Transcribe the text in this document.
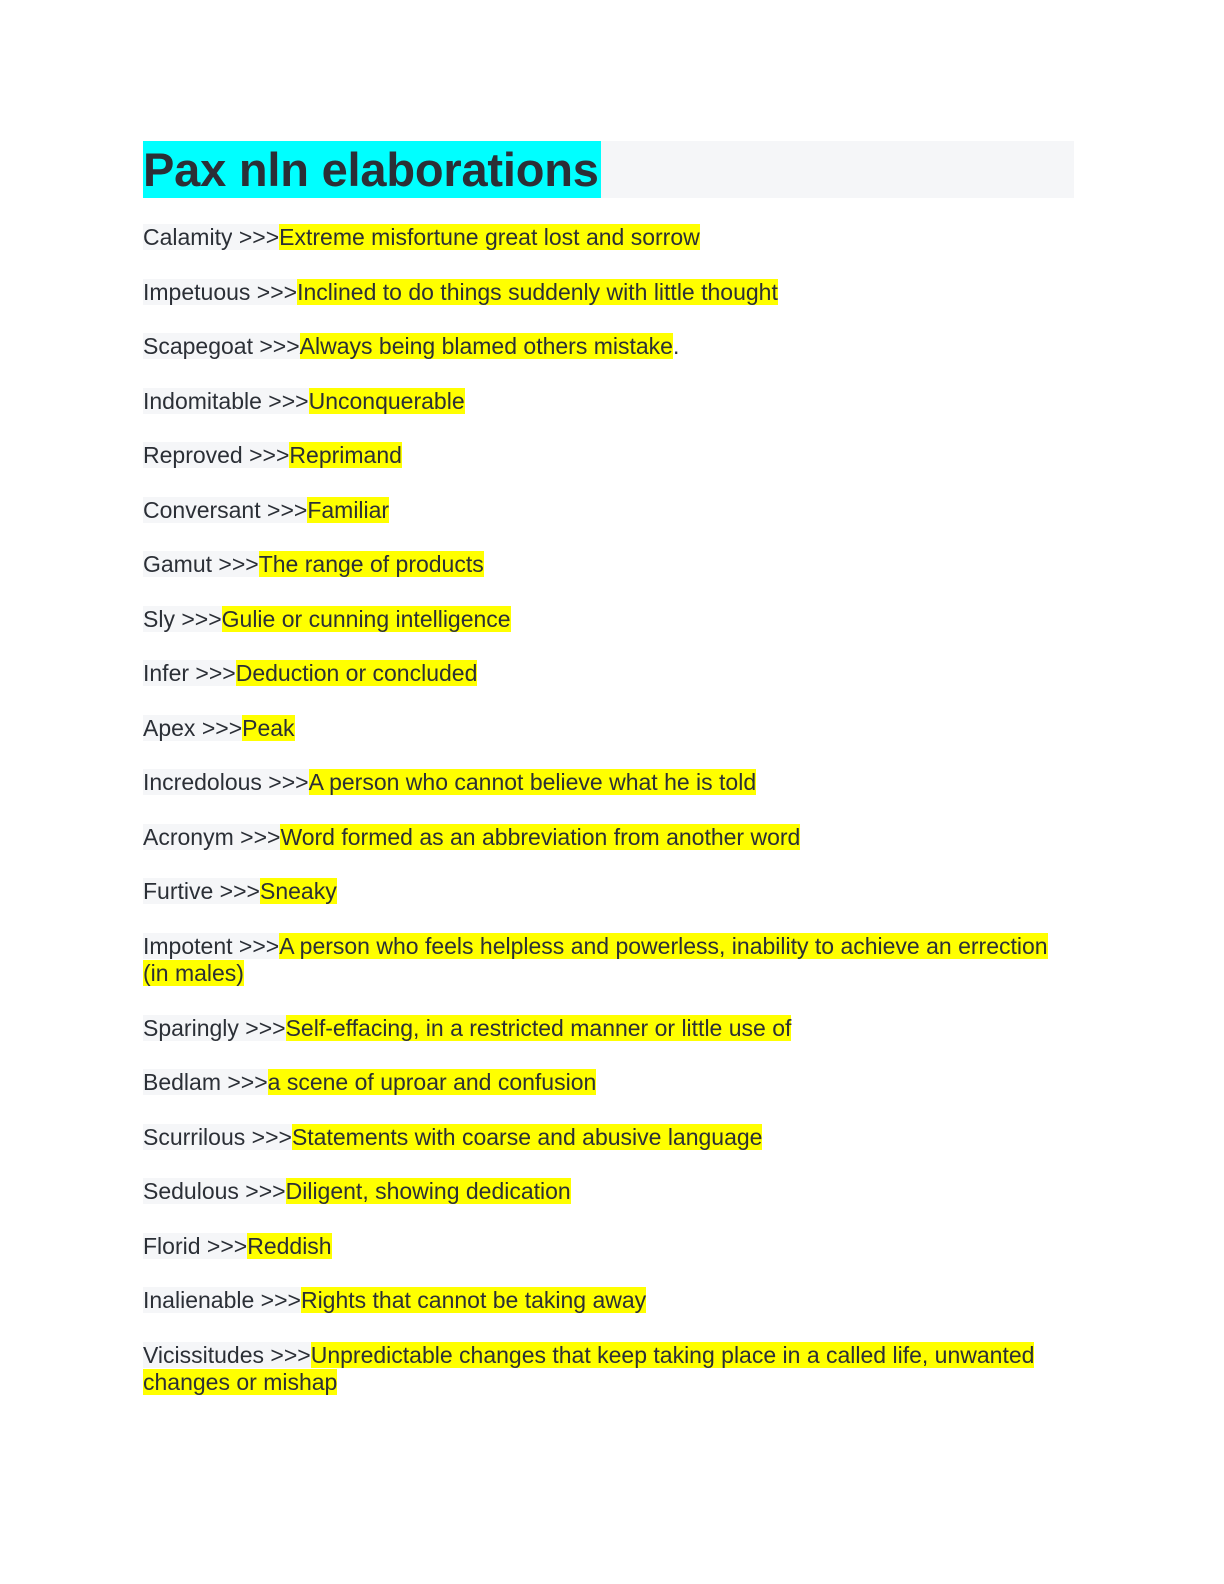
Pax nln elaborations

Calamity >>>Extreme misfortune great lost and sorrow

Impetuous >>>Inclined to do things suddenly with little thought

Scapegoat >>>Always being blamed others mistake.

Indomitable >>>Unconquerable

Reproved >>>Reprimand

Conversant >>>Familiar

Gamut >>>The range of products

Sly >>>Gulie or cunning intelligence

Infer >>>Deduction or concluded

Apex >>>Peak

Incredolous >>>A person who cannot believe what he is told

Acronym >>>Word formed as an abbreviation from another word

Furtive >>>Sneaky

Impotent >>>A person who feels helpless and powerless, inability to achieve an errection (in males)

Sparingly >>>Self-effacing, in a restricted manner or little use of

Bedlam >>>a scene of uproar and confusion

Scurrilous >>>Statements with coarse and abusive language

Sedulous >>>Diligent, showing dedication

Florid >>>Reddish

Inalienable >>>Rights that cannot be taking away

Vicissitudes >>>Unpredictable changes that keep taking place in a called life, unwanted changes or mishap
